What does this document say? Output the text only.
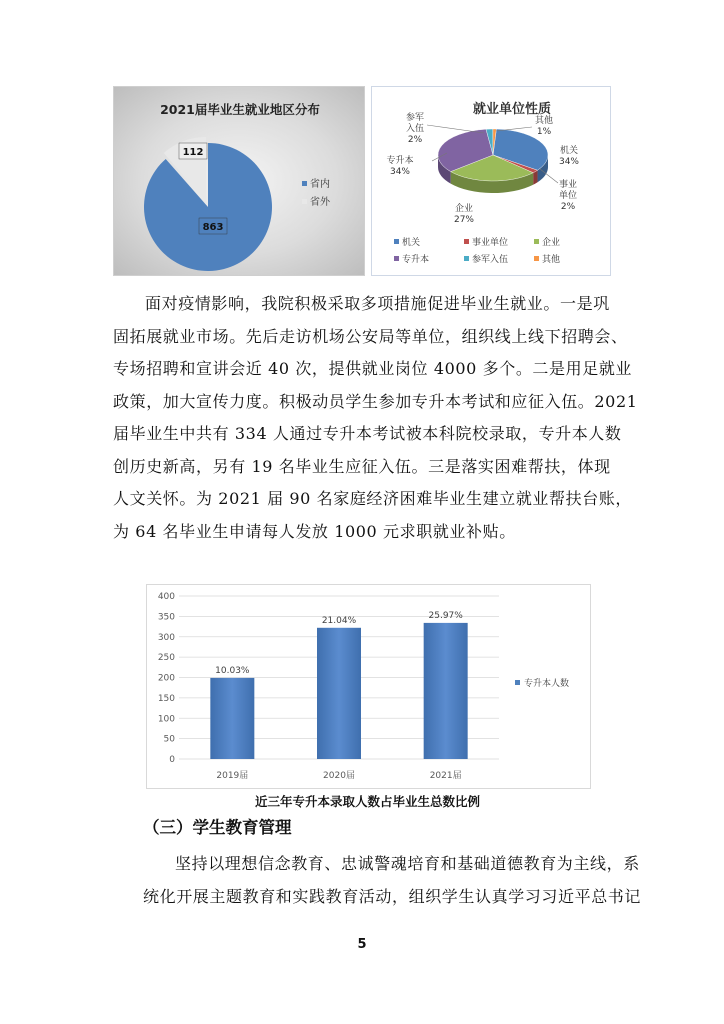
2021届毕业生就业地区分布
863
112
省内
省外
就业单位性质
机关 34%
事业单位 2%
企业 27%
专升本 34%
参军入伍 2%
其他 1%
机关	事业单位	企业
专升本	参军入伍	其他
面对疫情影响，我院积极采取多项措施促进毕业生就业。一是巩
固拓展就业市场。先后走访机场公安局等单位，组织线上线下招聘会、
专场招聘和宣讲会近 40 次，提供就业岗位 4000 多个。二是用足就业
政策，加大宣传力度。积极动员学生参加专升本考试和应征入伍。2021
届毕业生中共有 334 人通过专升本考试被本科院校录取，专升本人数
创历史新高，另有 19 名毕业生应征入伍。三是落实困难帮扶，体现
人文关怀。为 2021 届 90 名家庭经济困难毕业生建立就业帮扶台账，
为 64 名毕业生申请每人发放 1000 元求职就业补贴。
0
50
100
150
200
250
300
350
400
10.03%
2019届
21.04%
2020届
25.97%
2021届
专升本人数
近三年专升本录取人数占毕业生总数比例
（三）学生教育管理
坚持以理想信念教育、忠诚警魂培育和基础道德教育为主线，系
统化开展主题教育和实践教育活动，组织学生认真学习习近平总书记
5
